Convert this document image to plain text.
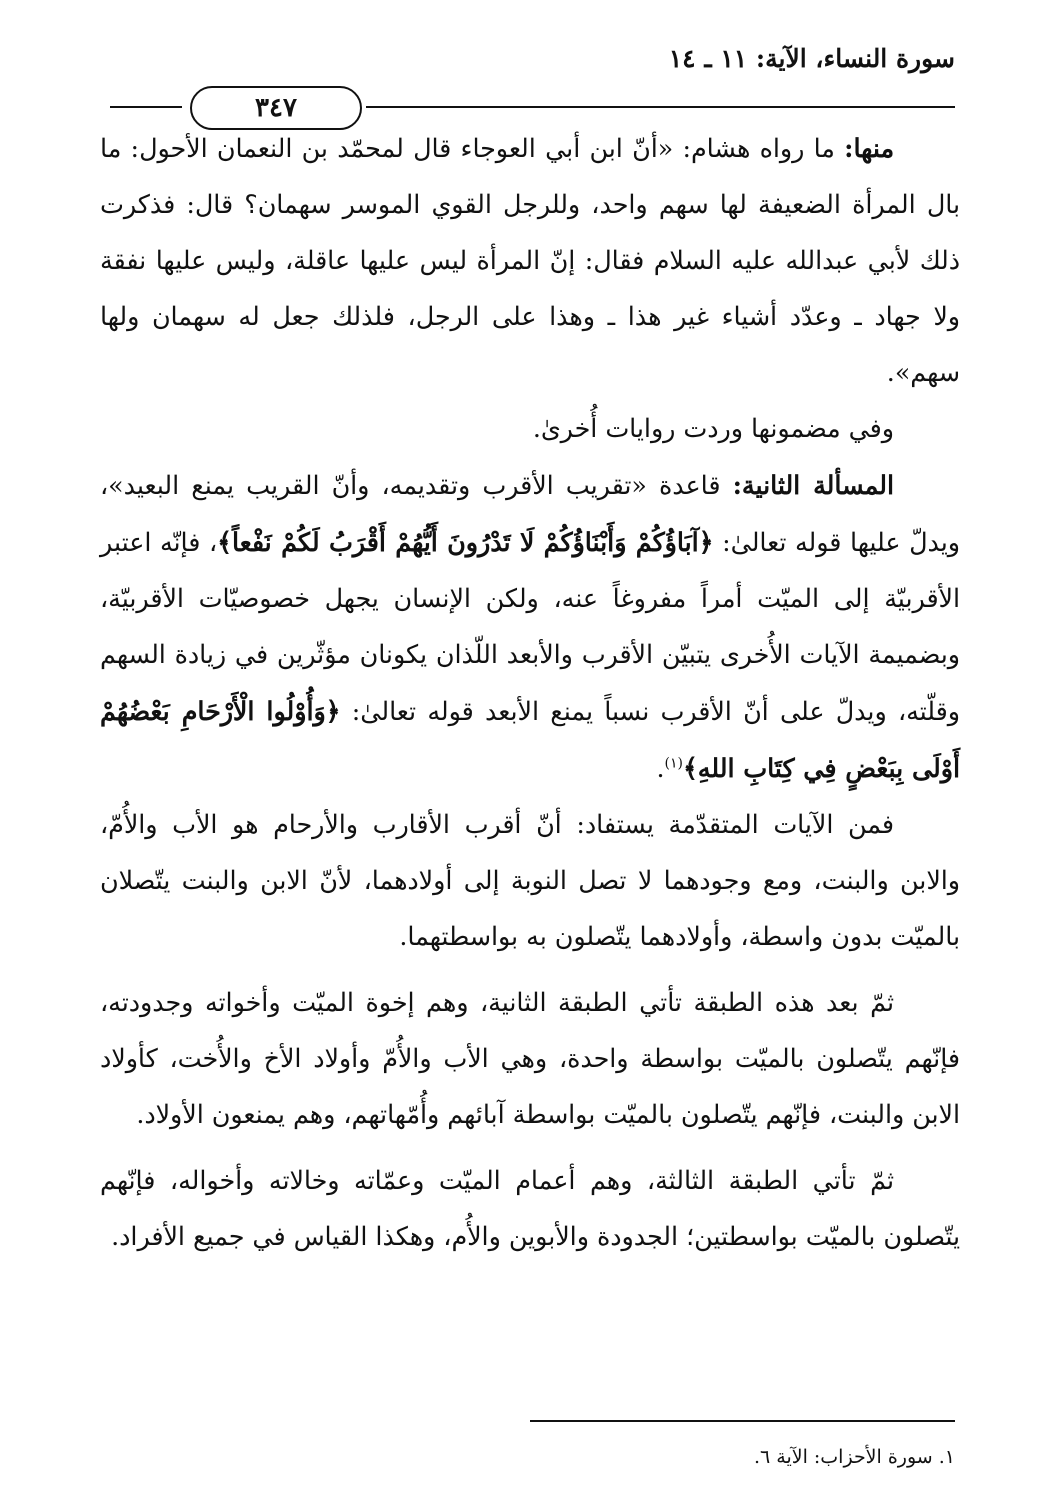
سورة النساء، الآية: ١١ ـ ١٤
٣٤٧

منها: ما رواه هشام: «أنّ ابن أبي العوجاء قال لمحمّد بن النعمان الأحول: ما بال المرأة الضعيفة لها سهم واحد، وللرجل القوي الموسر سهمان؟ قال: فذكرت ذلك لأبي عبدالله عليه السلام فقال: إنّ المرأة ليس عليها عاقلة، وليس عليها نفقة ولا جهاد ـ وعدّد أشياء غير هذا ـ وهذا على الرجل، فلذلك جعل له سهمان ولها سهم».

وفي مضمونها وردت روايات أُخرىٰ.

المسألة الثانية: قاعدة «تقريب الأقرب وتقديمه، وأنّ القريب يمنع البعيد»، ويدلّ عليها قوله تعالىٰ: ﴿آبَاؤُكُمْ وَأَبْنَاؤُكُمْ لَا تَدْرُونَ أَيُّهُمْ أَقْرَبُ لَكُمْ نَفْعاً﴾، فإنّه اعتبر الأقربيّة إلى الميّت أمراً مفروغاً عنه، ولكن الإنسان يجهل خصوصيّات الأقربيّة، وبضميمة الآيات الأُخرى يتبيّن الأقرب والأبعد اللّذان يكونان مؤثّرين في زيادة السهم وقلّته، ويدلّ على أنّ الأقرب نسباً يمنع الأبعد قوله تعالىٰ: ﴿وَأُوْلُوا الْأَرْحَامِ بَعْضُهُمْ أَوْلَى بِبَعْضٍ فِي كِتَابِ اللهِ﴾$^{(١)}$.

فمن الآيات المتقدّمة يستفاد: أنّ أقرب الأقارب والأرحام هو الأب والأُمّ، والابن والبنت، ومع وجودهما لا تصل النوبة إلى أولادهما، لأنّ الابن والبنت يتّصلان بالميّت بدون واسطة، وأولادهما يتّصلون به بواسطتهما.

ثمّ بعد هذه الطبقة تأتي الطبقة الثانية، وهم إخوة الميّت وأخواته وجدودته، فإنّهم يتّصلون بالميّت بواسطة واحدة، وهي الأب والأُمّ وأولاد الأخ والأُخت، كأولاد الابن والبنت، فإنّهم يتّصلون بالميّت بواسطة آبائهم وأُمّهاتهم، وهم يمنعون الأولاد.

ثمّ تأتي الطبقة الثالثة، وهم أعمام الميّت وعمّاته وخالاته وأخواله، فإنّهم يتّصلون بالميّت بواسطتين؛ الجدودة والأبوين والأُم، وهكذا القياس في جميع الأفراد.

١. سورة الأحزاب: الآية ٦.
